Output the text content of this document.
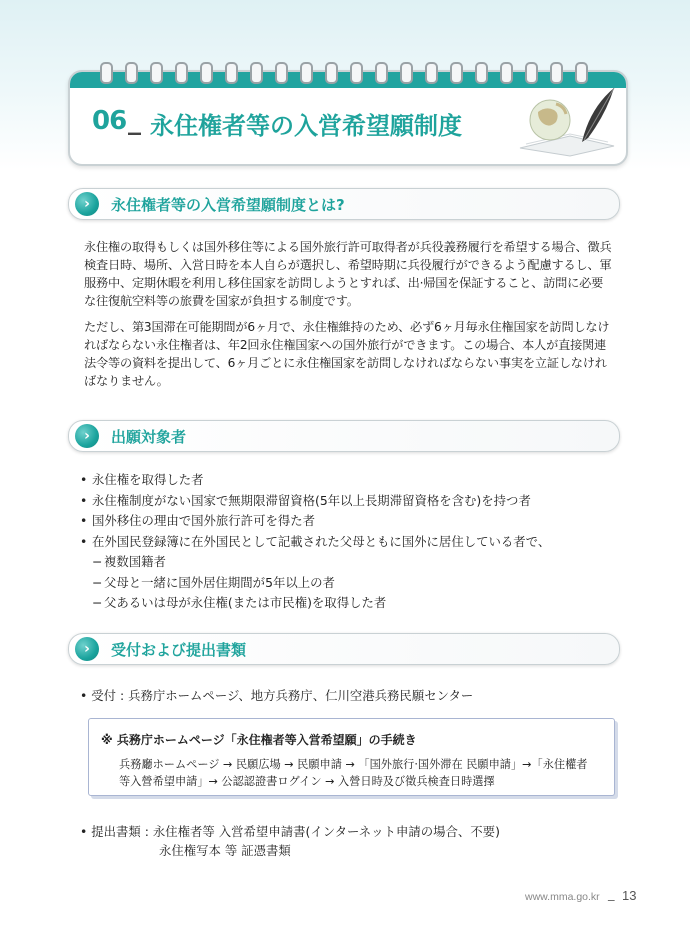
06 _ 永住権者等の入営希望願制度
›	永住権者等の入営希望願制度とは?

永住権の取得もしくは国外移住等による国外旅行許可取得者が兵役義務履行を希望する場合、徴兵検査日時、場所、入営日時を本人自らが選択し、希望時期に兵役履行ができるよう配慮するし、軍服務中、定期休暇を利用し移住国家を訪問しようとすれば、出·帰国を保証すること、訪問に必要な往復航空料等の旅費を国家が負担する制度です。

ただし、第3国滞在可能期間が6ヶ月で、永住権維持のため、必ず6ヶ月毎永住権国家を訪問しなければならない永住権者は、年2回永住権国家への国外旅行ができます。この場合、本人が直接関連法令等の資料を提出して、6ヶ月ごとに永住権国家を訪問しなければならない事実を立証しなければなりません。

›	出願対象者
• 永住権を取得した者
• 永住権制度がない国家で無期限滞留資格(5年以上長期滞留資格を含む)を持つ者
• 国外移住の理由で国外旅行許可を得た者
• 在外国民登録簿に在外国民として記載された父母ともに国外に居住している者で、
− 複数国籍者
− 父母と一緒に国外居住期間が5年以上の者
− 父あるいは母が永住権(または市民権)を取得した者
›	受付および提出書類
• 受付 : 兵務庁ホームページ、地方兵務庁、仁川空港兵務民願センター
※ 兵務庁ホームページ「永住権者等入営希望願」の手続き

兵務廳ホームページ → 民願広場 → 民願申請 → 「国外旅行·国外滞在 民願申請」→「永住權者 等入營希望申請」→ 公認認證書ログイン → 入營日時及び徵兵検査日時選擇

• 提出書類 : 永住権者等 入営希望申請書(インターネット申請の場合、不要)
永住権写本 等 証憑書類
www.mma.go.kr _ 13
